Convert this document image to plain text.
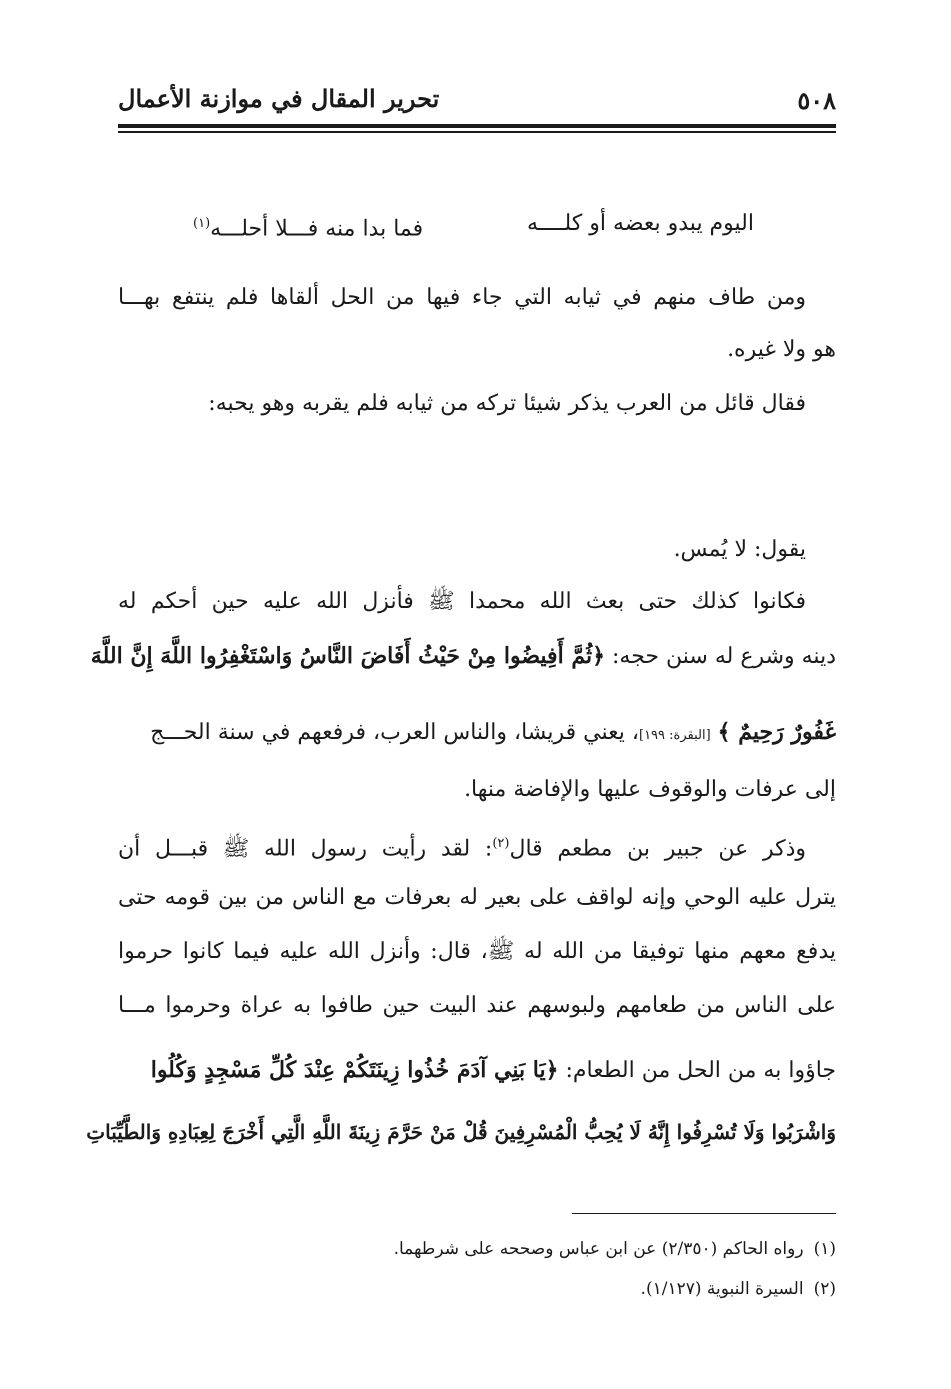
٥٠٨
تحرير المقال في موازنة الأعمال
اليوم يبدو بعضه أو كلــــه
فما بدا منه فـــلا أحلـــه$^{(١)}$
ومن طاف منهم في ثيابه التي جاء فيها من الحل ألقاها فلم ينتفع بهـــا
هو ولا غيره.
فقال قائل من العرب يذكر شيئا تركه من ثيابه فلم يقربه وهو يحبه:
يقول: لا يُمس.
فكانوا كذلك حتى بعث الله محمدا ﷺ فأنزل الله عليه حين أحكم له
دينه وشرع له سنن حجه: ﴿ثُمَّ أَفِيضُوا مِنْ حَيْثُ أَفَاضَ النَّاسُ وَاسْتَغْفِرُوا اللَّهَ إِنَّ اللَّهَ
غَفُورٌ رَحِيمٌ ﴾ [البقرة: ١٩٩]، يعني قريشا، والناس العرب، فرفعهم في سنة الحـــج
إلى عرفات والوقوف عليها والإفاضة منها.
وذكر عن جبير بن مطعم قال$^{(٢)}$: لقد رأيت رسول الله ﷺ قبـــل أن
يترل عليه الوحي وإنه لواقف على بعير له بعرفات مع الناس من بين قومه حتى
يدفع معهم منها توفيقا من الله له ﷺ، قال: وأنزل الله عليه فيما كانوا حرموا
على الناس من طعامهم ولبوسهم عند البيت حين طافوا به عراة وحرموا مـــا
جاؤوا به من الحل من الطعام: ﴿يَا بَنِي آدَمَ خُذُوا زِينَتَكُمْ عِنْدَ كُلِّ مَسْجِدٍ وَكُلُوا
وَاشْرَبُوا وَلَا تُسْرِفُوا إِنَّهُ لَا يُحِبُّ الْمُسْرِفِينَ قُلْ مَنْ حَرَّمَ زِينَةَ اللَّهِ الَّتِي أَخْرَجَ لِعِبَادِهِ وَالطَّيِّبَاتِ
(١)رواه الحاكم (٢/٣٥٠) عن ابن عباس وصححه على شرطهما.
(٢)السيرة النبوية (١/١٢٧).
